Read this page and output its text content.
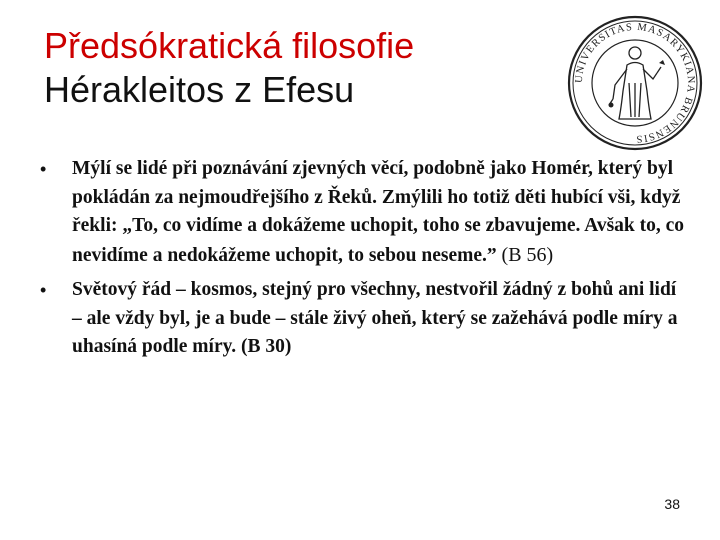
Předsókratická filosofie
Hérakleitos z Efesu	UNIVERSITAS MASARYKIANA BRUNENSIS
• Mýlí se lidé při poznávání zjevných věcí, podobně jako Homér, který byl pokládán za nejmoudřejšího z Řeků. Zmýlili ho totiž děti hubící vši, když řekli: „To, co vidíme a dokážeme uchopit, toho se zbavujeme. Avšak to, co nevidíme a nedokážeme uchopit, to sebou neseme.” (B 56)
• Světový řád – kosmos, stejný pro všechny, nestvořil žádný z bohů ani lidí – ale vždy byl, je a bude – stále živý oheň, který se zažehává podle míry a uhasíná podle míry. (B 30)
38
